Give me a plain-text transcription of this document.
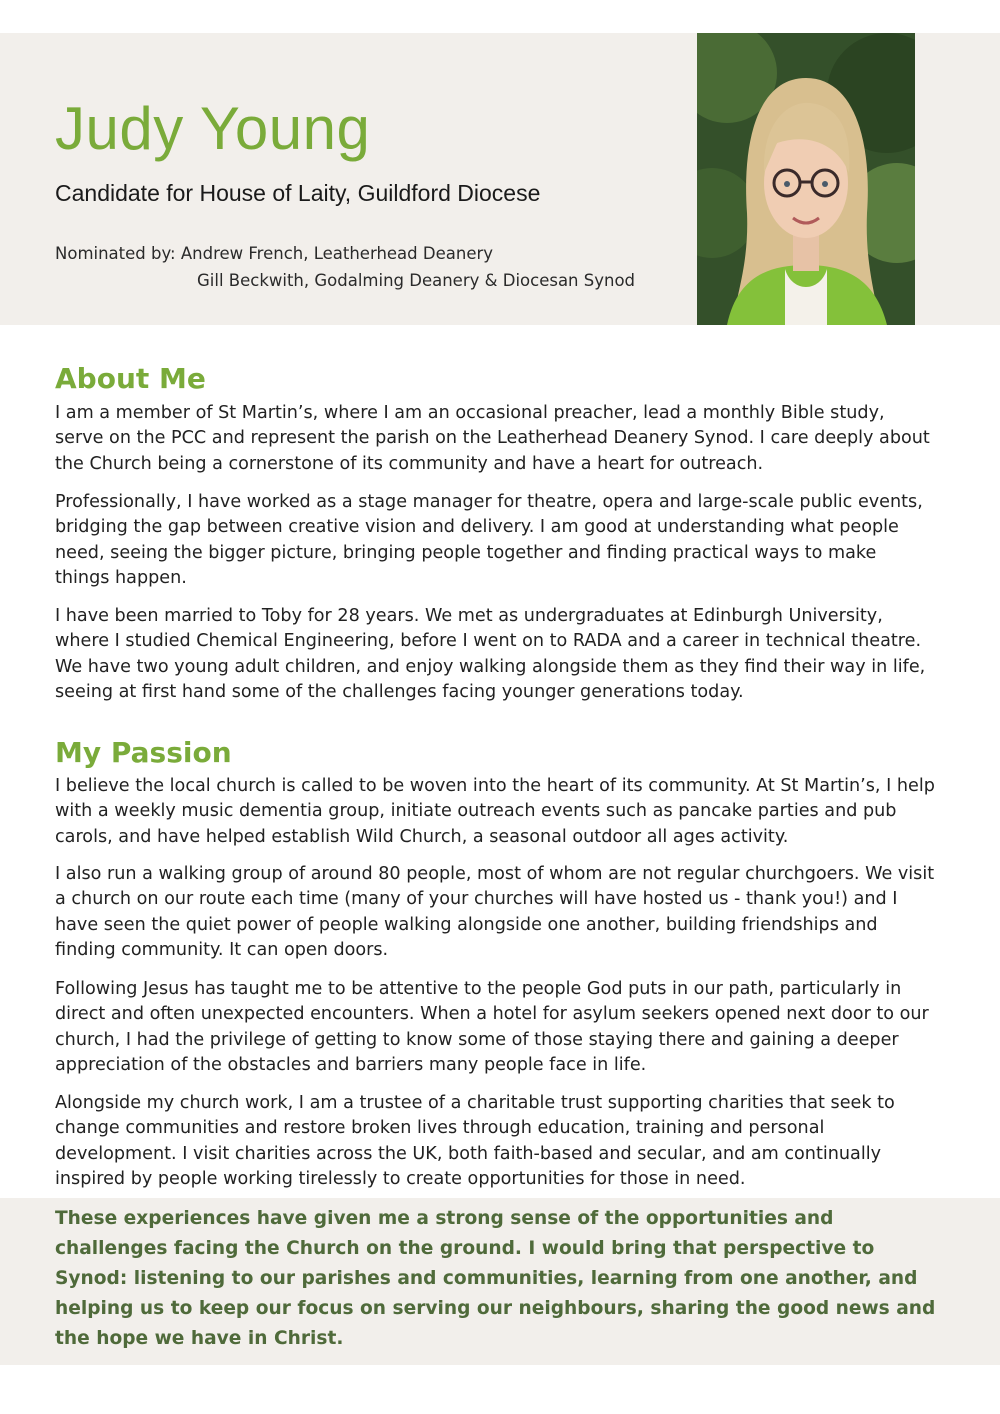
Judy Young
Candidate for House of Laity, Guildford Diocese
Nominated by: Andrew French, Leatherhead Deanery
Gill Beckwith, Godalming Deanery & Diocesan Synod
About Me

I am a member of St Martin’s, where I am an occasional preacher, lead a monthly Bible study, serve on the PCC and represent the parish on the Leatherhead Deanery Synod. I care deeply about the Church being a cornerstone of its community and have a heart for outreach.

Professionally, I have worked as a stage manager for theatre, opera and large-scale public events, bridging the gap between creative vision and delivery. I am good at understanding what people need, seeing the bigger picture, bringing people together and finding practical ways to make things happen.

I have been married to Toby for 28 years. We met as undergraduates at Edinburgh University, where I studied Chemical Engineering, before I went on to RADA and a career in technical theatre. We have two young adult children, and enjoy walking alongside them as they find their way in life, seeing at first hand some of the challenges facing younger generations today.

My Passion

I believe the local church is called to be woven into the heart of its community. At St Martin’s, I help with a weekly music dementia group, initiate outreach events such as pancake parties and pub carols, and have helped establish Wild Church, a seasonal outdoor all ages activity.

I also run a walking group of around 80 people, most of whom are not regular churchgoers. We visit a church on our route each time (many of your churches will have hosted us - thank you!) and I have seen the quiet power of people walking alongside one another, building friendships and finding community. It can open doors.

Following Jesus has taught me to be attentive to the people God puts in our path, particularly in direct and often unexpected encounters. When a hotel for asylum seekers opened next door to our church, I had the privilege of getting to know some of those staying there and gaining a deeper appreciation of the obstacles and barriers many people face in life.

Alongside my church work, I am a trustee of a charitable trust supporting charities that seek to change communities and restore broken lives through education, training and personal development. I visit charities across the UK, both faith-based and secular, and am continually inspired by people working tirelessly to create opportunities for those in need.

These experiences have given me a strong sense of the opportunities and challenges facing the Church on the ground. I would bring that perspective to Synod: listening to our parishes and communities, learning from one another, and helping us to keep our focus on serving our neighbours, sharing the good news and the hope we have in Christ.
